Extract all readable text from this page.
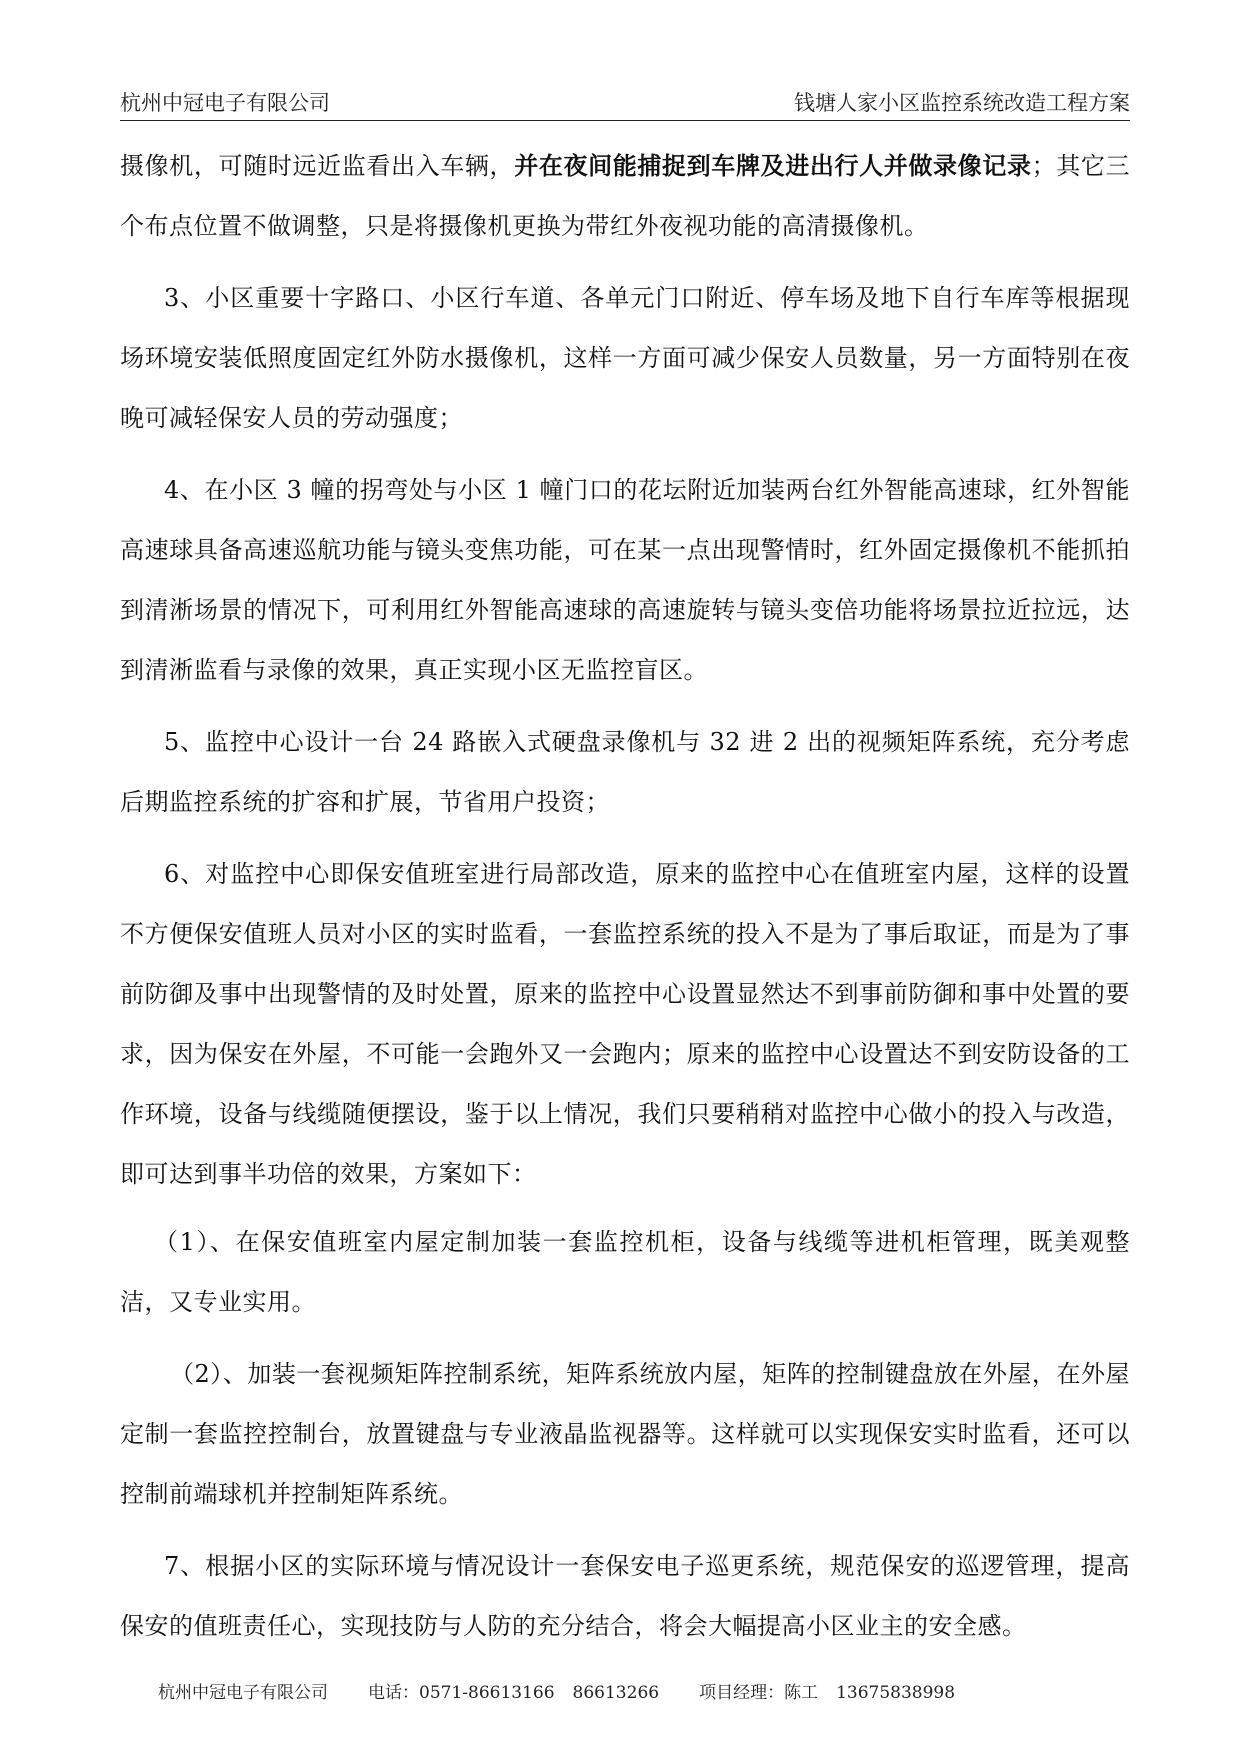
杭州中冠电子有限公司	钱塘人家小区监控系统改造工程方案

摄像机，可随时远近监看出入车辆，并在夜间能捕捉到车牌及进出行人并做录像记录；其它三个布点位置不做调整，只是将摄像机更换为带红外夜视功能的高清摄像机。

3、小区重要十字路口、小区行车道、各单元门口附近、停车场及地下自行车库等根据现场环境安装低照度固定红外防水摄像机，这样一方面可减少保安人员数量，另一方面特别在夜晚可减轻保安人员的劳动强度；

4、在小区 3 幢的拐弯处与小区 1 幢门口的花坛附近加装两台红外智能高速球，红外智能高速球具备高速巡航功能与镜头变焦功能，可在某一点出现警情时，红外固定摄像机不能抓拍到清淅场景的情况下，可利用红外智能高速球的高速旋转与镜头变倍功能将场景拉近拉远，达到清淅监看与录像的效果，真正实现小区无监控盲区。

5、监控中心设计一台 24 路嵌入式硬盘录像机与 32 进 2 出的视频矩阵系统，充分考虑后期监控系统的扩容和扩展，节省用户投资；

6、对监控中心即保安值班室进行局部改造，原来的监控中心在值班室内屋，这样的设置不方便保安值班人员对小区的实时监看，一套监控系统的投入不是为了事后取证，而是为了事前防御及事中出现警情的及时处置，原来的监控中心设置显然达不到事前防御和事中处置的要求，因为保安在外屋，不可能一会跑外又一会跑内；原来的监控中心设置达不到安防设备的工作环境，设备与线缆随便摆设，鉴于以上情况，我们只要稍稍对监控中心做小的投入与改造，即可达到事半功倍的效果，方案如下：

（1）、在保安值班室内屋定制加装一套监控机柜，设备与线缆等进机柜管理，既美观整洁，又专业实用。

（2）、加装一套视频矩阵控制系统，矩阵系统放内屋，矩阵的控制键盘放在外屋，在外屋定制一套监控控制台，放置键盘与专业液晶监视器等。这样就可以实现保安实时监看，还可以控制前端球机并控制矩阵系统。

7、根据小区的实际环境与情况设计一套保安电子巡更系统，规范保安的巡逻管理，提高保安的值班责任心，实现技防与人防的充分结合，将会大幅提高小区业主的安全感。

杭州中冠电子有限公司 电话：0571-86613166 86613266 项目经理：陈工 13675838998
